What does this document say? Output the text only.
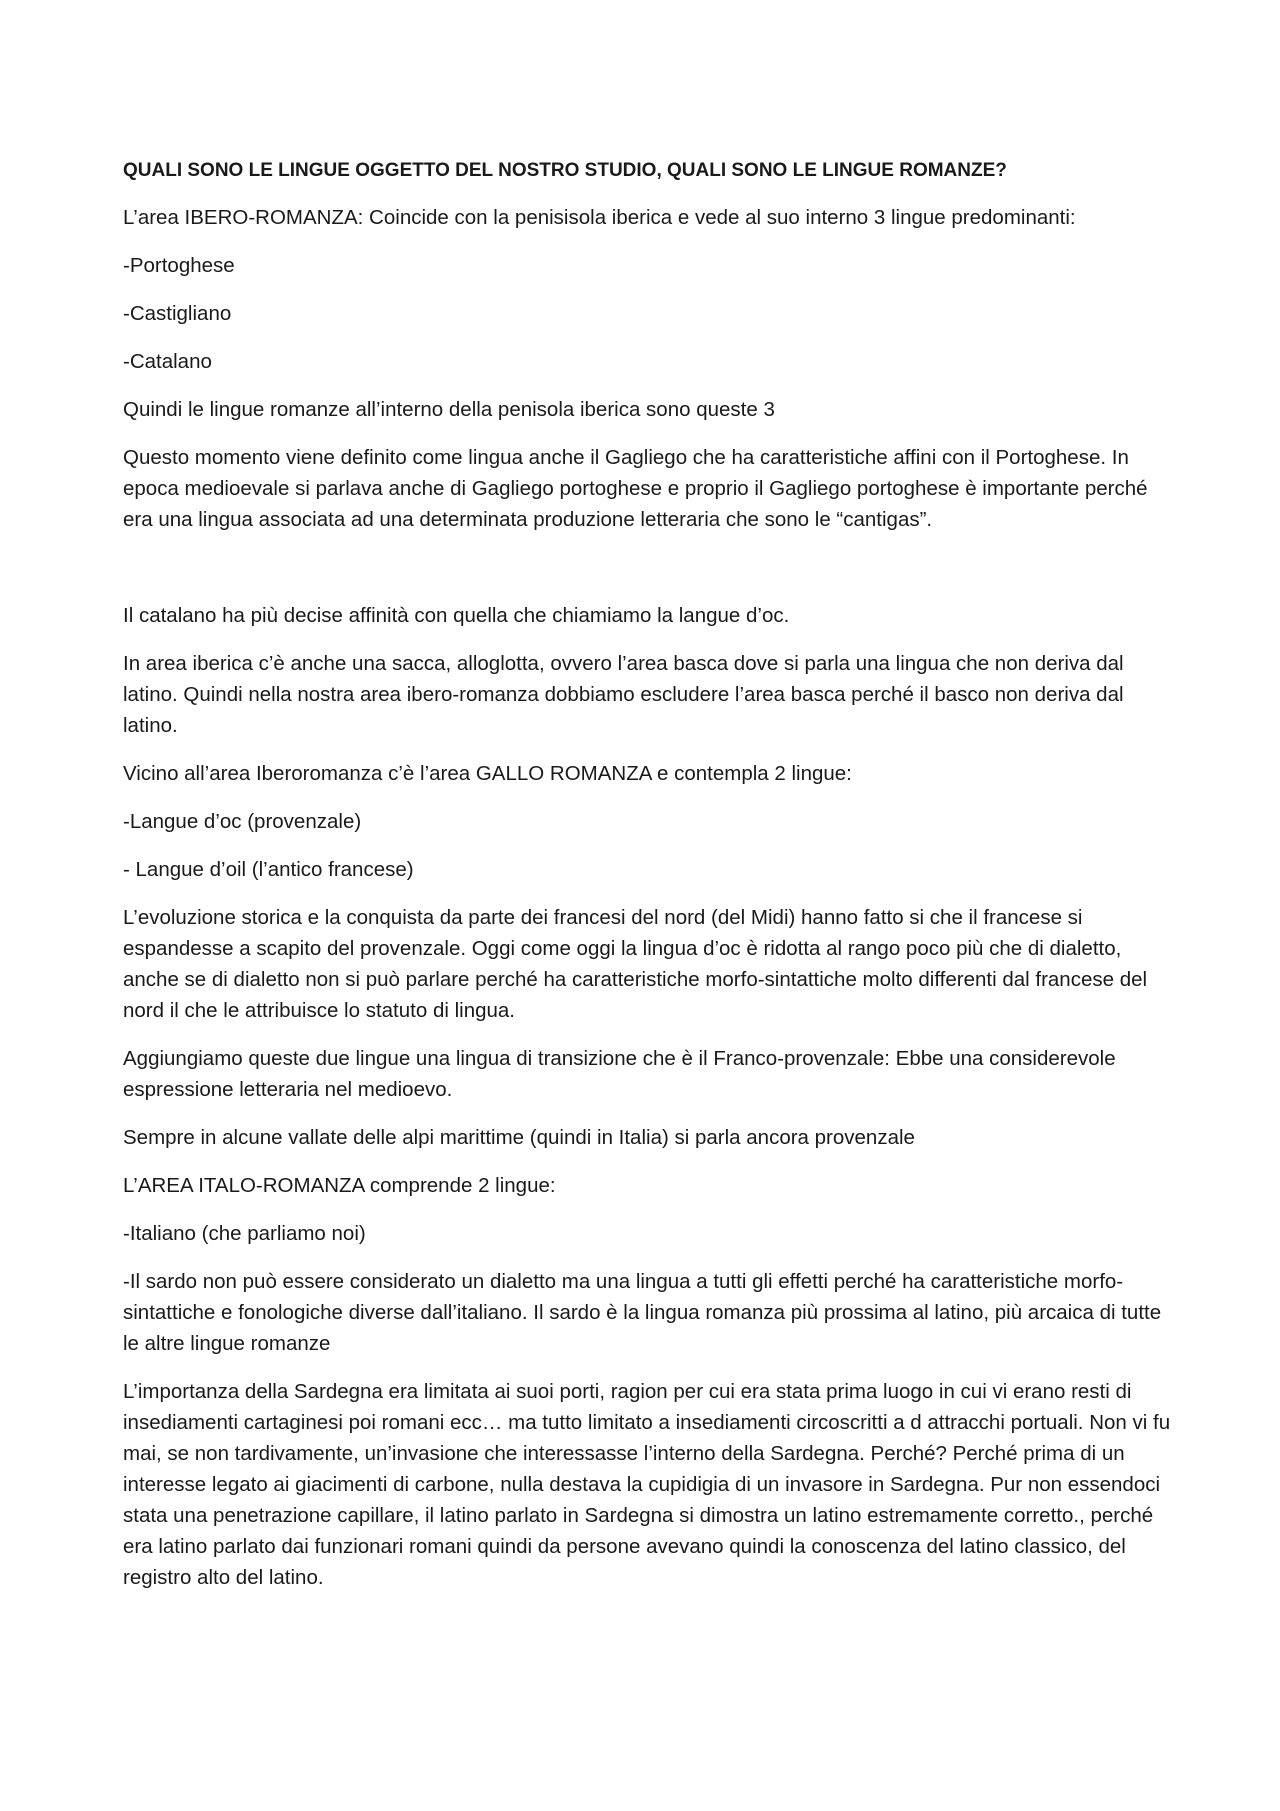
QUALI SONO LE LINGUE OGGETTO DEL NOSTRO STUDIO, QUALI SONO LE LINGUE ROMANZE?

L’area IBERO-ROMANZA: Coincide con la penisisola iberica e vede al suo interno 3 lingue predominanti:

-Portoghese

-Castigliano

-Catalano

Quindi le lingue romanze all’interno della penisola iberica sono queste 3

Questo momento viene definito come lingua anche il Gagliego che ha caratteristiche affini con il Portoghese. In epoca medioevale si parlava anche di Gagliego portoghese e proprio il Gagliego portoghese è importante perché era una lingua associata ad una determinata produzione letteraria che sono le “cantigas”.

Il catalano ha più decise affinità con quella che chiamiamo la langue d’oc.

In area iberica c’è anche una sacca, alloglotta, ovvero l’area basca dove si parla una lingua che non deriva dal latino. Quindi nella nostra area ibero-romanza dobbiamo escludere l’area basca perché il basco non deriva dal latino.

Vicino all’area Iberoromanza c’è l’area GALLO ROMANZA e contempla 2 lingue:

-Langue d’oc (provenzale)

- Langue d’oil (l’antico francese)

L’evoluzione storica e la conquista da parte dei francesi del nord (del Midi) hanno fatto si che il francese si espandesse a scapito del provenzale. Oggi come oggi la lingua d’oc è ridotta al rango poco più che di dialetto, anche se di dialetto non si può parlare perché ha caratteristiche morfo-sintattiche molto differenti dal francese del nord il che le attribuisce lo statuto di lingua.

Aggiungiamo queste due lingue una lingua di transizione che è il Franco-provenzale: Ebbe una considerevole espressione letteraria nel medioevo.

Sempre in alcune vallate delle alpi marittime (quindi in Italia) si parla ancora provenzale

L’AREA ITALO-ROMANZA comprende 2 lingue:

-Italiano (che parliamo noi)

-Il sardo non può essere considerato un dialetto ma una lingua a tutti gli effetti perché ha caratteristiche morfo-sintattiche e fonologiche diverse dall’italiano. Il sardo è la lingua romanza più prossima al latino, più arcaica di tutte le altre lingue romanze

L’importanza della Sardegna era limitata ai suoi porti, ragion per cui era stata prima luogo in cui vi erano resti di insediamenti cartaginesi poi romani ecc… ma tutto limitato a insediamenti circoscritti a d attracchi portuali. Non vi fu mai, se non tardivamente, un’invasione che interessasse l’interno della Sardegna. Perché? Perché prima di un interesse legato ai giacimenti di carbone, nulla destava la cupidigia di un invasore in Sardegna. Pur non essendoci stata una penetrazione capillare, il latino parlato in Sardegna si dimostra un latino estremamente corretto., perché era latino parlato dai funzionari romani quindi da persone avevano quindi la conoscenza del latino classico, del registro alto del latino.
